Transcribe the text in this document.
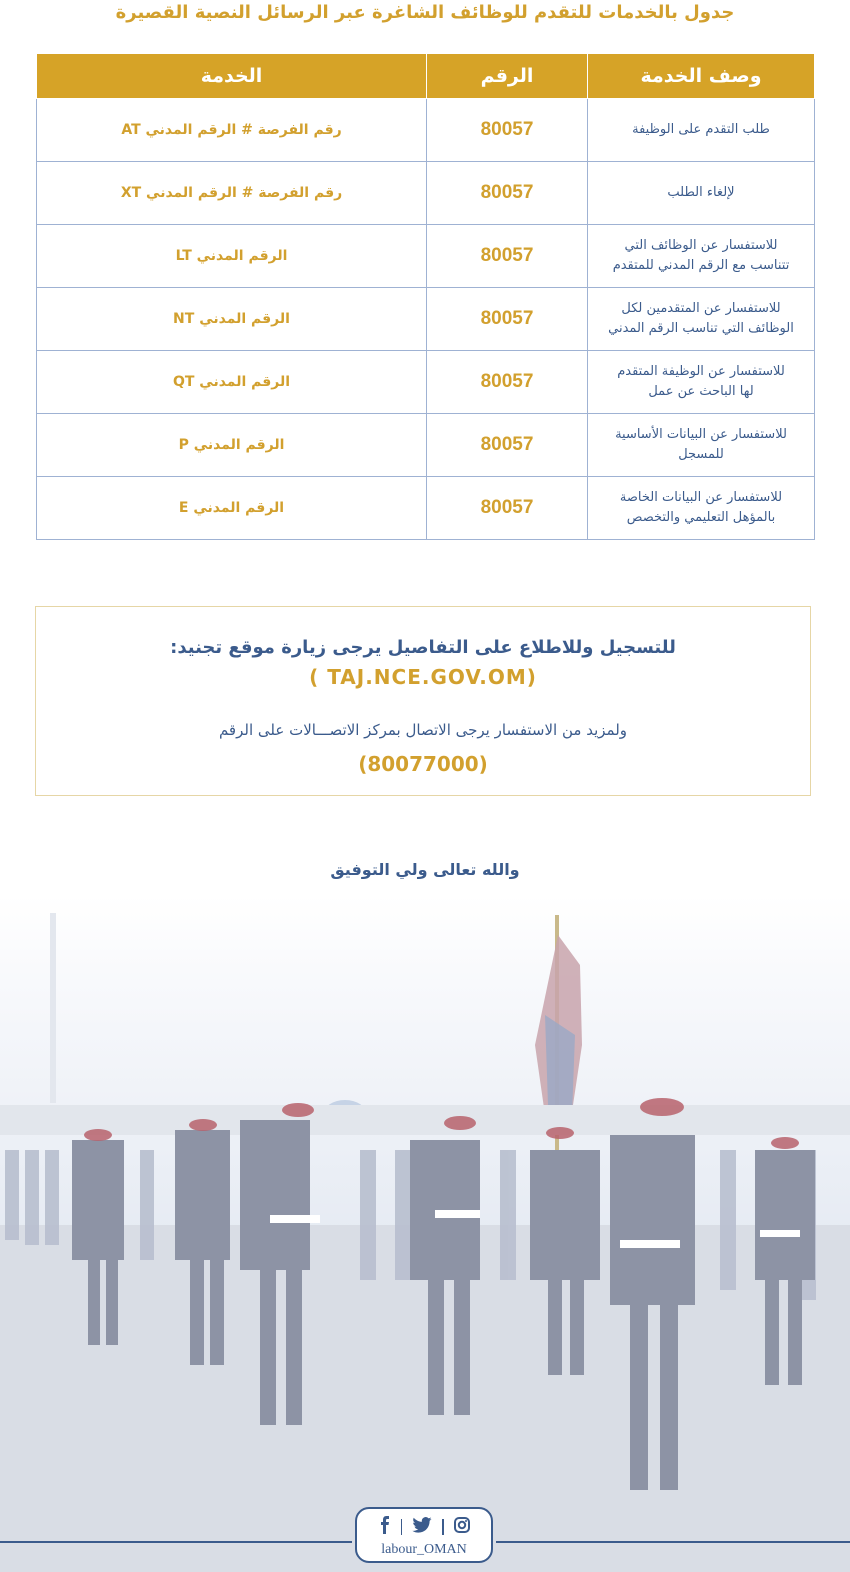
جدول بالخدمات للتقدم للوظائف الشاغرة عبر الرسائل النصية القصيرة
وصف الخدمة	الرقم	الخدمة

طلب التقدم على الوظيفة	80057	رقم الفرصة # الرقم المدني AT

لإلغاء الطلب	80057	رقم الفرصة # الرقم المدني XT

للاستفسار عن الوظائف التي
تتناسب مع الرقم المدني للمتقدم	80057	الرقم المدني LT

للاستفسار عن المتقدمين لكل
الوظائف التي تناسب الرقم المدني	80057	الرقم المدني NT

للاستفسار عن الوظيفة المتقدم
لها الباحث عن عمل	80057	الرقم المدني QT

للاستفسار عن البيانات الأساسية
للمسجل	80057	الرقم المدني P

للاستفسار عن البيانات الخاصة
بالمؤهل التعليمي والتخصص	80057	الرقم المدني E
للتسجيل وللاطلاع على التفاصيل يرجى زيارة موقع تجنيد:
(TAJ.NCE.GOV.OM )
ولمزيد من الاستفسار يرجى الاتصال بمركز الاتصـــالات على الرقم
(80077000)
والله تعالى ولي التوفيق
labour_OMAN
